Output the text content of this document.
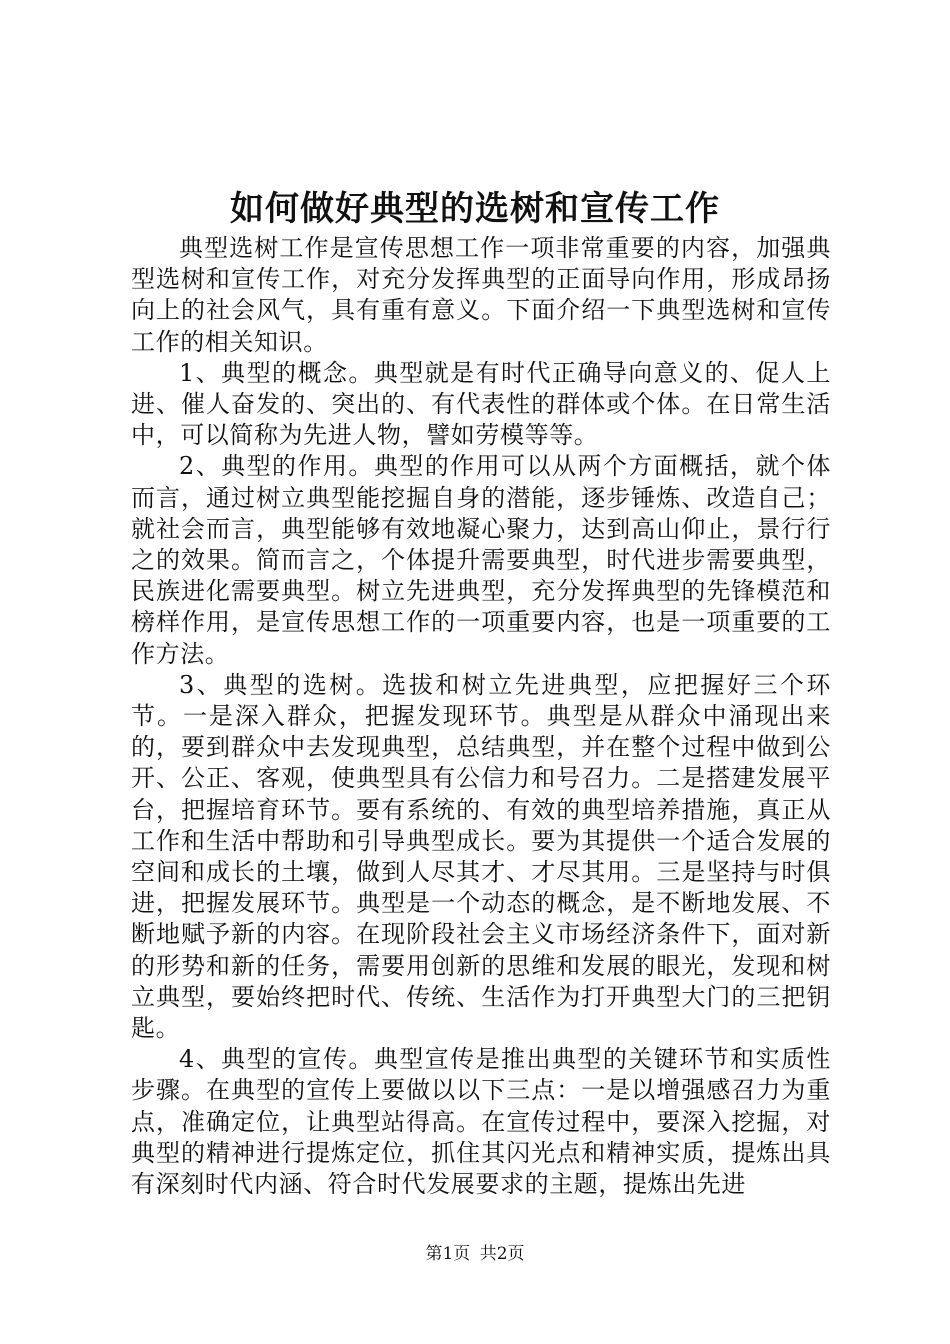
如何做好典型的选树和宣传工作

典型选树工作是宣传思想工作一项非常重要的内容，加强典型选树和宣传工作，对充分发挥典型的正面导向作用，形成昂扬向上的社会风气，具有重有意义。下面介绍一下典型选树和宣传工作的相关知识。

1、典型的概念。典型就是有时代正确导向意义的、促人上进、催人奋发的、突出的、有代表性的群体或个体。在日常生活中，可以简称为先进人物，譬如劳模等等。

2、典型的作用。典型的作用可以从两个方面概括，就个体而言，通过树立典型能挖掘自身的潜能，逐步锤炼、改造自己；就社会而言，典型能够有效地凝心聚力，达到高山仰止，景行行之的效果。简而言之，个体提升需要典型，时代进步需要典型，民族进化需要典型。树立先进典型，充分发挥典型的先锋模范和榜样作用，是宣传思想工作的一项重要内容，也是一项重要的工作方法。

3、典型的选树。选拔和树立先进典型，应把握好三个环节。一是深入群众，把握发现环节。典型是从群众中涌现出来的，要到群众中去发现典型，总结典型，并在整个过程中做到公开、公正、客观，使典型具有公信力和号召力。二是搭建发展平台，把握培育环节。要有系统的、有效的典型培养措施，真正从工作和生活中帮助和引导典型成长。要为其提供一个适合发展的空间和成长的土壤，做到人尽其才、才尽其用。三是坚持与时俱进，把握发展环节。典型是一个动态的概念，是不断地发展、不断地赋予新的内容。在现阶段社会主义市场经济条件下，面对新的形势和新的任务，需要用创新的思维和发展的眼光，发现和树立典型，要始终把时代、传统、生活作为打开典型大门的三把钥匙。

4、典型的宣传。典型宣传是推出典型的关键环节和实质性步骤。在典型的宣传上要做以以下三点：一是以增强感召力为重点，准确定位，让典型站得高。在宣传过程中，要深入挖掘，对典型的精神进行提炼定位，抓住其闪光点和精神实质，提炼出具有深刻时代内涵、符合时代发展要求的主题，提炼出先进

第1页 共2页
